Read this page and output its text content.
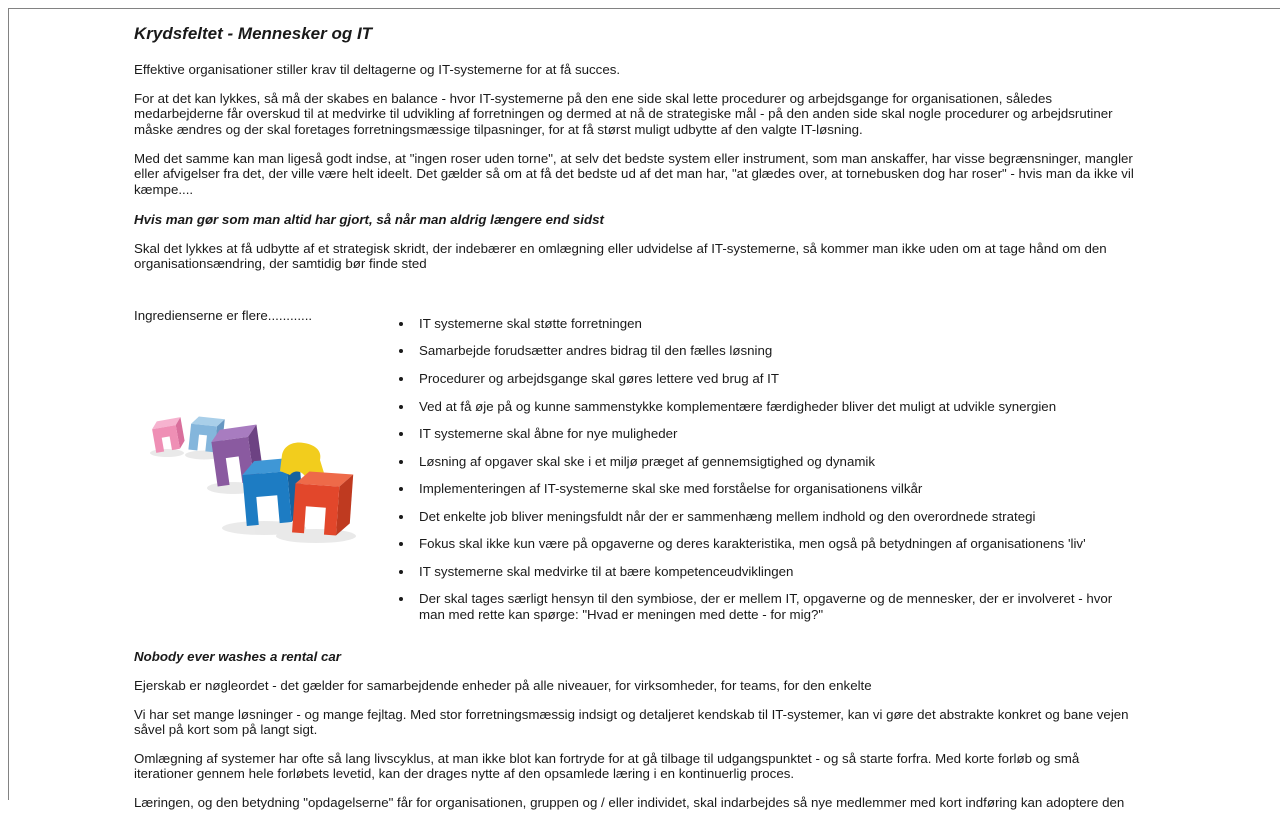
Krydsfeltet - Mennesker og IT

Effektive organisationer stiller krav til deltagerne og IT-systemerne for at få succes.

For at det kan lykkes, så må der skabes en balance - hvor IT-systemerne på den ene side skal lette procedurer og arbejdsgange for organisationen, således medarbejderne får overskud til at medvirke til udvikling af forretningen og dermed at nå de strategiske mål - på den anden side skal nogle procedurer og arbejdsrutiner måske ændres og der skal foretages forretningsmæssige tilpasninger, for at få størst muligt udbytte af den valgte IT-løsning.

Med det samme kan man ligeså godt indse, at "ingen roser uden torne", at selv det bedste system eller instrument, som man anskaffer, har visse begrænsninger, mangler eller afvigelser fra det, der ville være helt ideelt. Det gælder så om at få det bedste ud af det man har, "at glædes over, at tornebusken dog har roser" - hvis man da ikke vil kæmpe....

Hvis man gør som man altid har gjort, så når man aldrig længere end sidst

Skal det lykkes at få udbytte af et strategisk skridt, der indebærer en omlægning eller udvidelse af IT-systemerne, så kommer man ikke uden om at tage hånd om den organisationsændring, der samtidig bør finde sted

Ingredienserne er flere............

• IT systemerne skal støtte forretningen
• Samarbejde forudsætter andres bidrag til den fælles løsning
• Procedurer og arbejdsgange skal gøres lettere ved brug af IT
• Ved at få øje på og kunne sammenstykke komplementære færdigheder bliver det muligt at udvikle synergien
• IT systemerne skal åbne for nye muligheder
• Løsning af opgaver skal ske i et miljø præget af gennemsigtighed og dynamik
• Implementeringen af IT-systemerne skal ske med forståelse for organisationens vilkår
• Det enkelte job bliver meningsfuldt når der er sammenhæng mellem indhold og den overordnede strategi
• Fokus skal ikke kun være på opgaverne og deres karakteristika, men også på betydningen af organisationens 'liv'
• IT systemerne skal medvirke til at bære kompetenceudviklingen
• Der skal tages særligt hensyn til den symbiose, der er mellem IT, opgaverne og de mennesker, der er involveret - hvor man med rette kan spørge: "Hvad er meningen med dette - for mig?"
Nobody ever washes a rental car

Ejerskab er nøgleordet - det gælder for samarbejdende enheder på alle niveauer, for virksomheder, for teams, for den enkelte

Vi har set mange løsninger - og mange fejltag. Med stor forretningsmæssig indsigt og detaljeret kendskab til IT-systemer, kan vi gøre det abstrakte konkret og bane vejen såvel på kort som på langt sigt.

Omlægning af systemer har ofte så lang livscyklus, at man ikke blot kan fortryde for at gå tilbage til udgangspunktet - og så starte forfra. Med korte forløb og små iterationer gennem hele forløbets levetid, kan der drages nytte af den opsamlede læring i en kontinuerlig proces.

Læringen, og den betydning "opdagelserne" får for organisationen, gruppen og / eller individet, skal indarbejdes så nye medlemmer med kort indføring kan adoptere den
